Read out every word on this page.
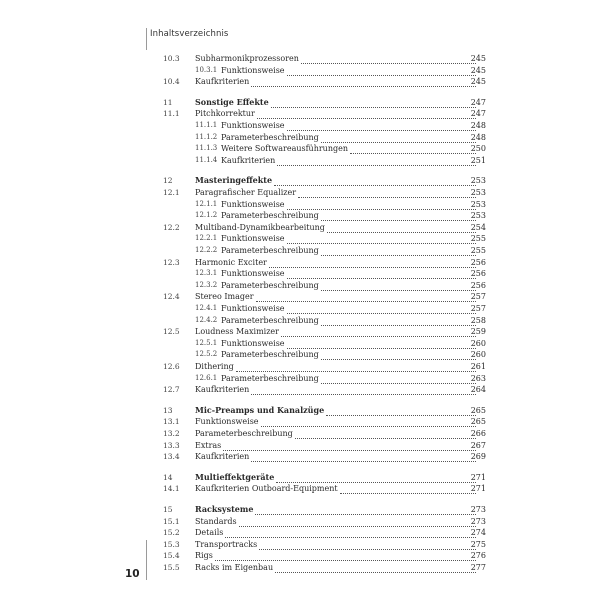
Inhaltsverzeichnis
10.3 Subharmonikprozessoren	245
10.3.1 Funktionsweise	245
10.4 Kaufkriterien	245
11	Sonstige Effekte	247
11.1 Pitchkorrektur	247
11.1.1 Funktionsweise	248
11.1.2 Parameterbeschreibung	248
11.1.3 Weitere Softwareausführungen	250
11.1.4 Kaufkriterien	251
12	Masteringeffekte	253
12.1 Paragrafischer Equalizer	253
12.1.1 Funktionsweise	253
12.1.2 Parameterbeschreibung	253
12.2 Multiband-Dynamikbearbeitung	254
12.2.1 Funktionsweise	255
12.2.2 Parameterbeschreibung	255
12.3 Harmonic Exciter	256
12.3.1 Funktionsweise	256
12.3.2 Parameterbeschreibung	256
12.4 Stereo Imager	257
12.4.1 Funktionsweise	257
12.4.2 Parameterbeschreibung	258
12.5 Loudness Maximizer	259
12.5.1 Funktionsweise	260
12.5.2 Parameterbeschreibung	260
12.6 Dithering	261
12.6.1 Parameterbeschreibung	263
12.7 Kaufkriterien	264
13	Mic-Preamps und Kanalzüge	265
13.1 Funktionsweise	265
13.2 Parameterbeschreibung	266
13.3 Extras	267
13.4 Kaufkriterien	269
14	Multieffektgeräte	271
14.1 Kaufkriterien Outboard-Equipment	271
15	Racksysteme	273
15.1 Standards	273
15.2 Details	274
15.3 Transportracks	275
15.4 Rigs	276
15.5 Racks im Eigenbau	277
10
